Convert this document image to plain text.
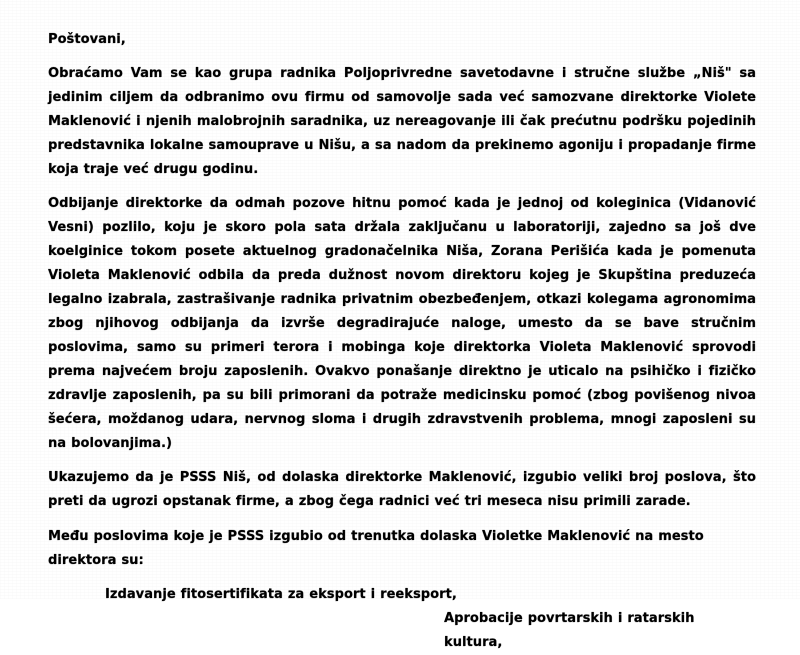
Poštovani,

Obraćamo Vam se kao grupa radnika Poljoprivredne savetodavne i stručne službe „Niš" sa jedinim ciljem da odbranimo ovu firmu od samovolje sada već samozvane direktorke Violete Maklenović i njenih malobrojnih saradnika, uz nereagovanje ili čak prećutnu podršku pojedinih predstavnika lokalne samouprave u Nišu, a sa nadom da prekinemo agoniju i propadanje firme koja traje već drugu godinu.

Odbijanje direktorke da odmah pozove hitnu pomoć kada je jednoj od koleginica (Vidanović Vesni) pozlilo, koju je skoro pola sata držala zaključanu u laboratoriji, zajedno sa još dve koelginice tokom posete aktuelnog gradonačelnika Niša, Zorana Perišića kada je pomenuta Violeta Maklenović odbila da preda dužnost novom direktoru kojeg je Skupština preduzeća legalno izabrala, zastrašivanje radnika privatnim obezbeđenjem, otkazi kolegama agronomima zbog njihovog odbijanja da izvrše degradirajuće naloge, umesto da se bave stručnim poslovima, samo su primeri terora i mobinga koje direktorka Violeta Maklenović sprovodi prema najvećem broju zaposlenih. Ovakvo ponašanje direktno je uticalo na psihičko i fizičko zdravlje zaposlenih, pa su bili primorani da potraže medicinsku pomoć (zbog povišenog nivoa šećera, moždanog udara, nervnog sloma i drugih zdravstvenih problema, mnogi zaposleni su na bolovanjima.)

Ukazujemo da je PSSS Niš, od dolaska direktorke Maklenović, izgubio veliki broj poslova, što preti da ugrozi opstanak firme, a zbog čega radnici već tri meseca nisu primili zarade.

Među poslovima koje je PSSS izgubio od trenutka dolaska Violetke Maklenović na mesto direktora su:

Izdavanje fitosertifikata za eksport i reeksport,

Aprobacije povrtarskih i ratarskih kultura,
